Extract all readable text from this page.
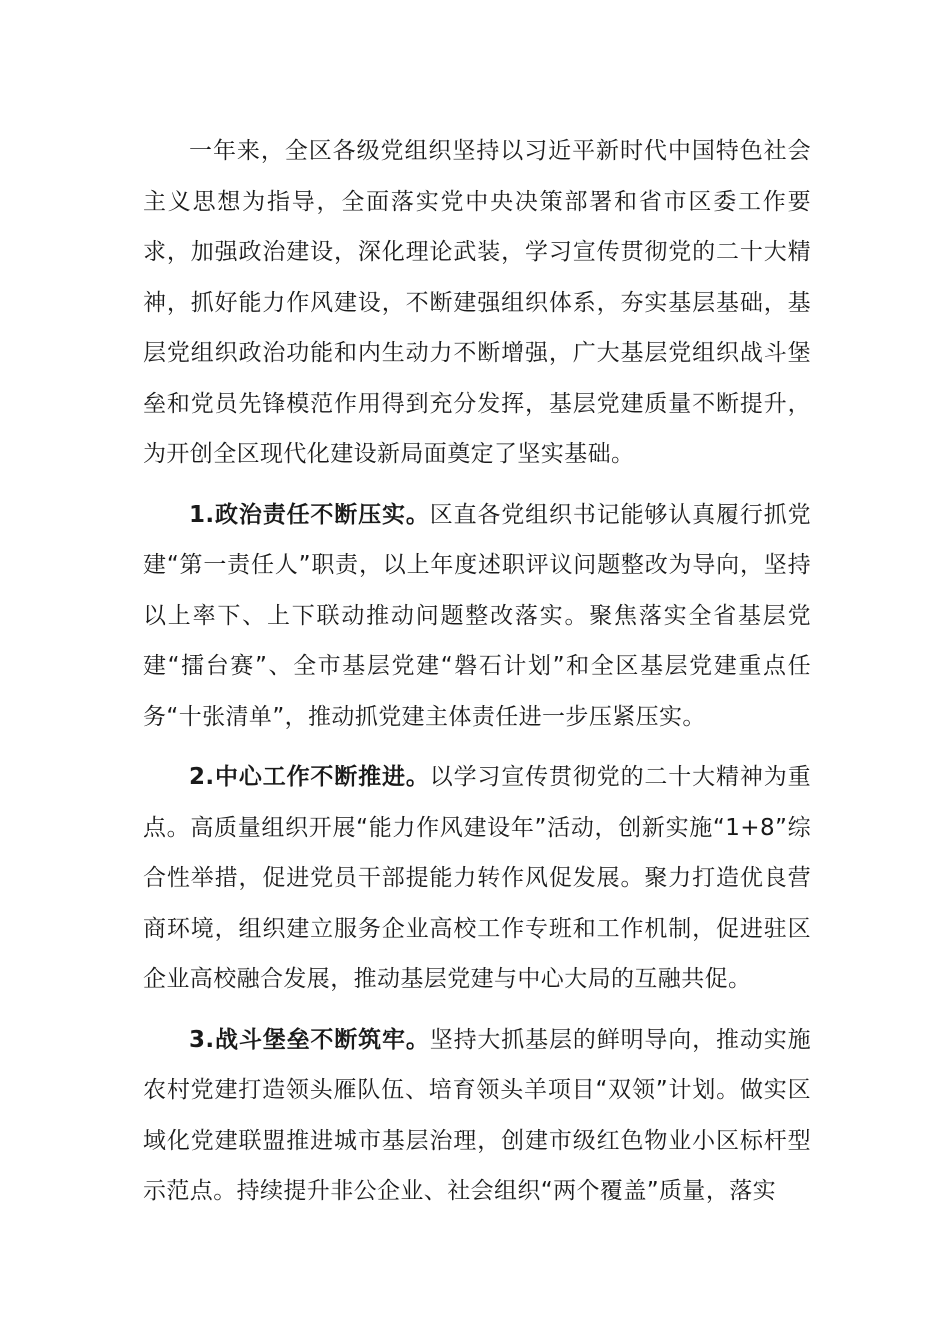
一年来，全区各级党组织坚持以习近平新时代中国特色社会主义思想为指导，全面落实党中央决策部署和省市区委工作要求，加强政治建设，深化理论武装，学习宣传贯彻党的二十大精神，抓好能力作风建设，不断建强组织体系，夯实基层基础，基层党组织政治功能和内生动力不断增强，广大基层党组织战斗堡垒和党员先锋模范作用得到充分发挥，基层党建质量不断提升，为开创全区现代化建设新局面奠定了坚实基础。

1.政治责任不断压实。区直各党组织书记能够认真履行抓党建“第一责任人”职责，以上年度述职评议问题整改为导向，坚持以上率下、上下联动推动问题整改落实。聚焦落实全省基层党建“擂台赛”、全市基层党建“磐石计划”和全区基层党建重点任务“十张清单”，推动抓党建主体责任进一步压紧压实。

2.中心工作不断推进。以学习宣传贯彻党的二十大精神为重点。高质量组织开展“能力作风建设年”活动，创新实施“1+8”综合性举措，促进党员干部提能力转作风促发展。聚力打造优良营商环境，组织建立服务企业高校工作专班和工作机制，促进驻区企业高校融合发展，推动基层党建与中心大局的互融共促。

3.战斗堡垒不断筑牢。坚持大抓基层的鲜明导向，推动实施农村党建打造领头雁队伍、培育领头羊项目“双领”计划。做实区域化党建联盟推进城市基层治理，创建市级红色物业小区标杆型示范点。持续提升非公企业、社会组织“两个覆盖”质量，落实
